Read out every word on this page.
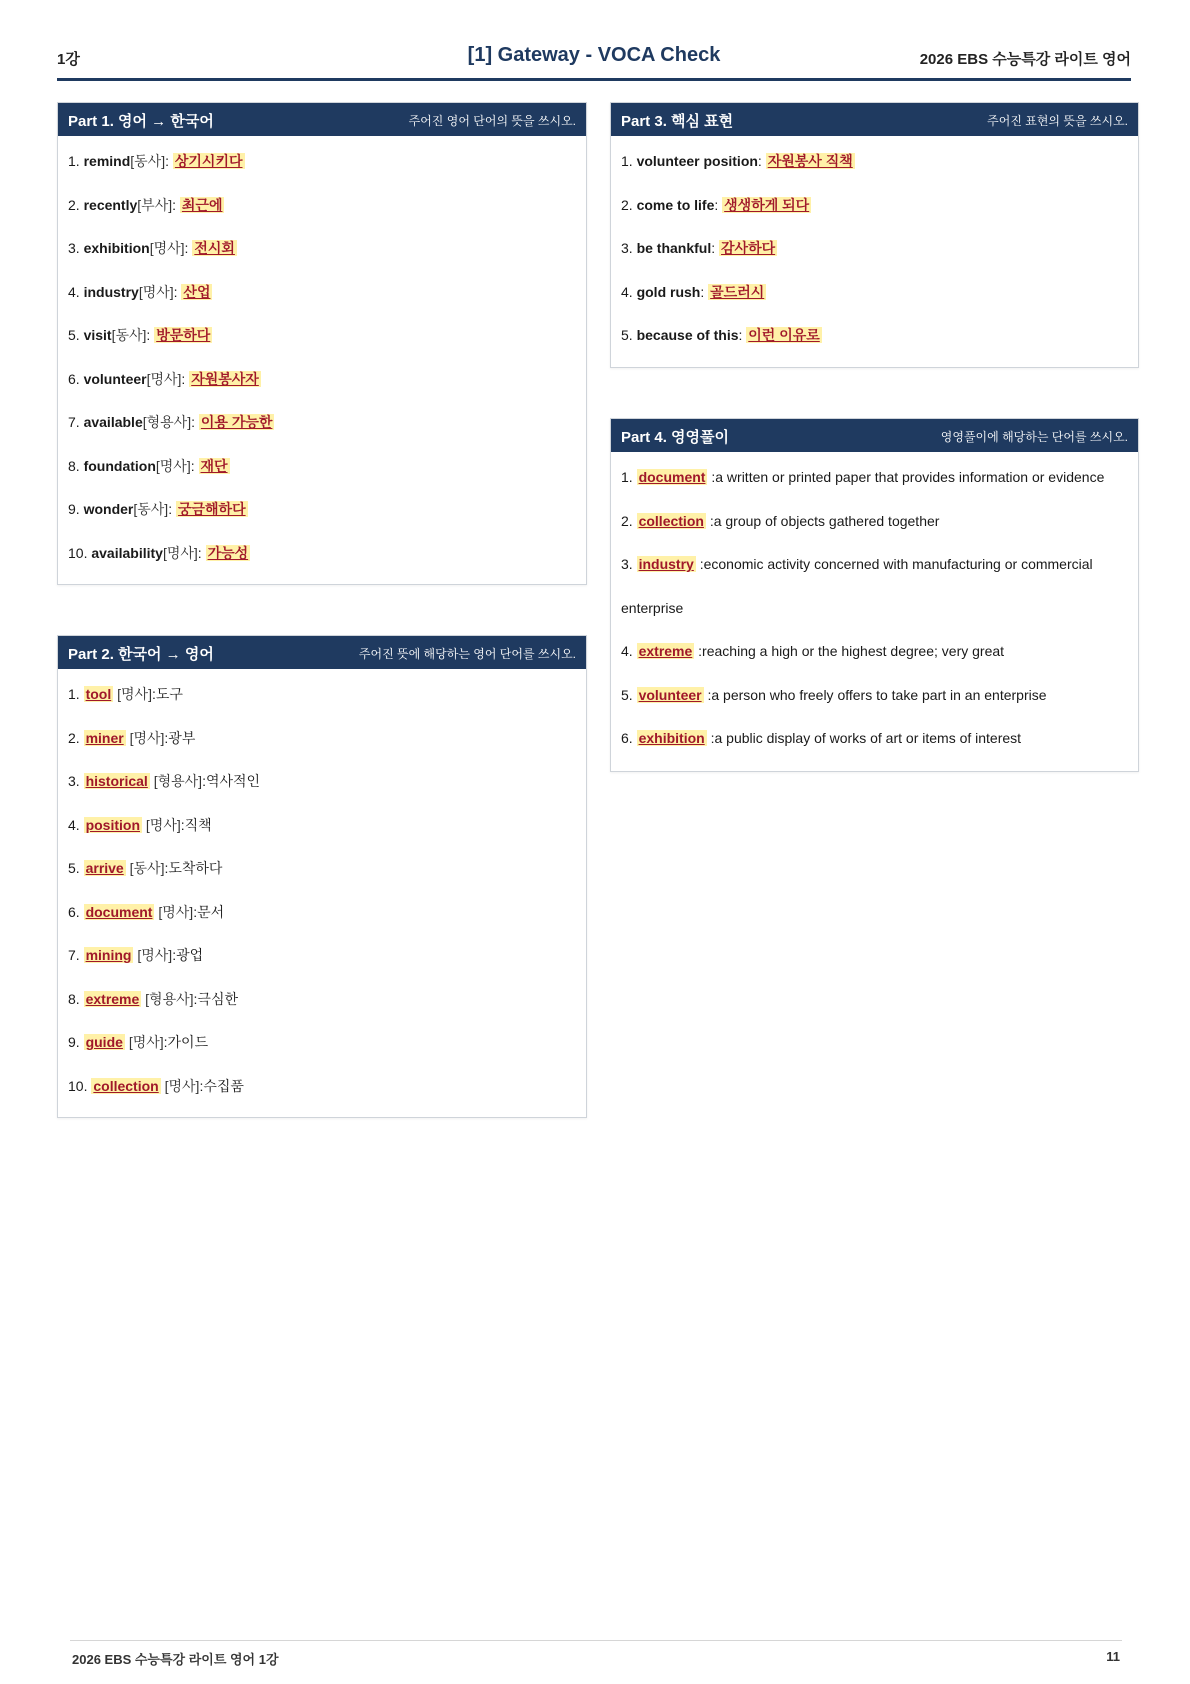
1강	[1] Gateway - VOCA Check	2026 EBS 수능특강 라이트 영어
Part 1. 영어 → 한국어	주어진 영어 단어의 뜻을 쓰시오.
1. remind[동사]: 상기시키다
2. recently[부사]: 최근에
3. exhibition[명사]: 전시회
4. industry[명사]: 산업
5. visit[동사]: 방문하다
6. volunteer[명사]: 자원봉사자
7. available[형용사]: 이용 가능한
8. foundation[명사]: 재단
9. wonder[동사]: 궁금해하다
10. availability[명사]: 가능성
Part 2. 한국어 → 영어	주어진 뜻에 해당하는 영어 단어를 쓰시오.
1. tool [명사]:도구
2. miner [명사]:광부
3. historical [형용사]:역사적인
4. position [명사]:직책
5. arrive [동사]:도착하다
6. document [명사]:문서
7. mining [명사]:광업
8. extreme [형용사]:극심한
9. guide [명사]:가이드
10. collection [명사]:수집품
Part 3. 핵심 표현	주어진 표현의 뜻을 쓰시오.
1. volunteer position: 자원봉사 직책
2. come to life: 생생하게 되다
3. be thankful: 감사하다
4. gold rush: 골드러시
5. because of this: 이런 이유로
Part 4. 영영풀이	영영풀이에 해당하는 단어를 쓰시오.
1. document :a written or printed paper that provides information or evidence
2. collection :a group of objects gathered together
3. industry :economic activity concerned with manufacturing or commercial
enterprise
4. extreme :reaching a high or the highest degree; very great
5. volunteer :a person who freely offers to take part in an enterprise
6. exhibition :a public display of works of art or items of interest
2026 EBS 수능특강 라이트 영어 1강	11
